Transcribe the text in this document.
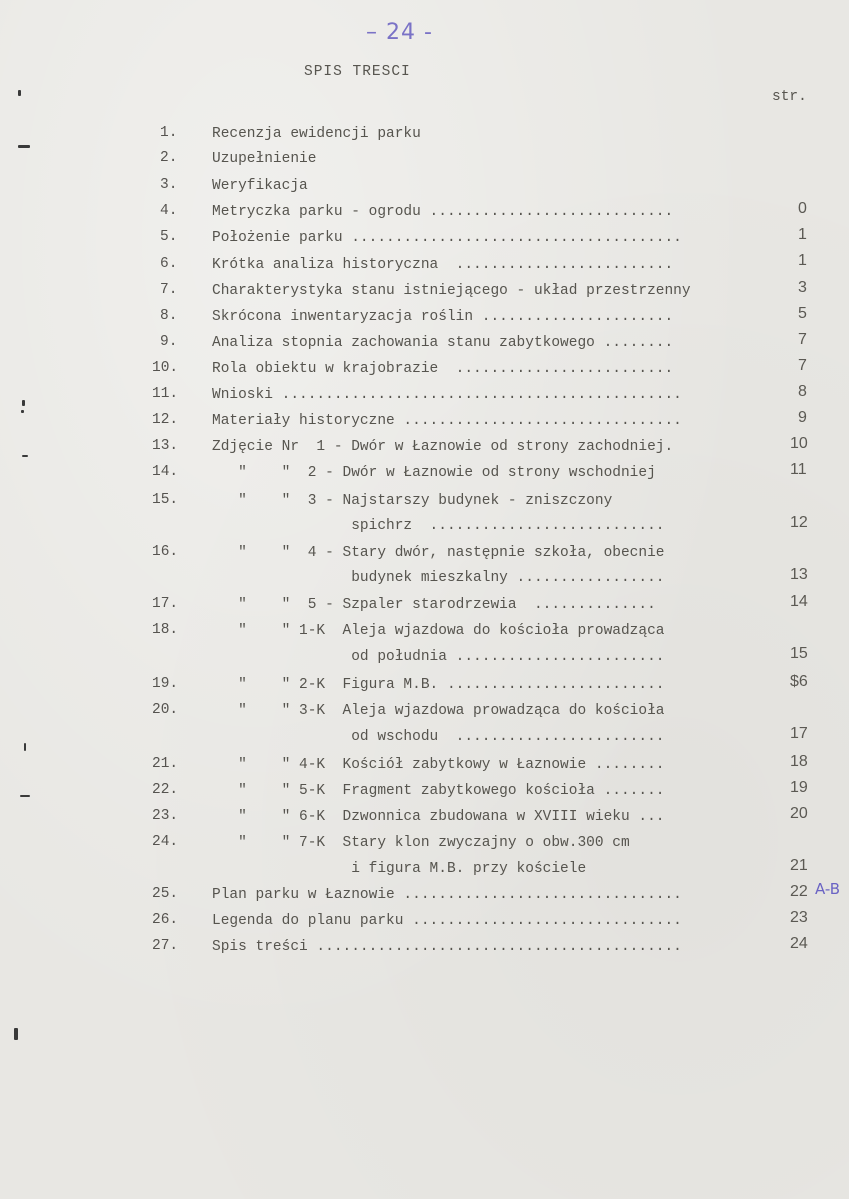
– 24 -
SPIS TRESCI
str.
1. Recenzja ewidencji parku
2. Uzupełnienie
3. Weryfikacja
4. Metryczka parku - ogrodu ............................	0
5. Położenie parku ......................................	1
6. Krótka analiza historyczna  .........................	1
7. Charakterystyka stanu istniejącego - układ przestrzenny	3
8. Skrócona inwentaryzacja roślin ......................	5
9. Analiza stopnia zachowania stanu zabytkowego ........	7
10. Rola obiektu w krajobrazie  .........................	7
11. Wnioski ..............................................	8
12. Materiały historyczne ................................	9
13. Zdjęcie Nr  1 - Dwór w Łaznowie od strony zachodniej.	10
14. "    "  2 - Dwór w Łaznowie od strony wschodniej	11
15. "    "  3 - Najstarszy budynek - zniszczony
spichrz  ...........................	12
16. "    "  4 - Stary dwór, następnie szkoła, obecnie
budynek mieszkalny .................	13
17. "    "  5 - Szpaler starodrzewia  ..............	14
18. "    " 1-K  Aleja wjazdowa do kościoła prowadząca
od południa ........................	15
19. "    " 2-K  Figura M.B. .........................	$6
20. "    " 3-K  Aleja wjazdowa prowadząca do kościoła
od wschodu  ........................	17
21. "    " 4-K  Kościół zabytkowy w Łaznowie ........	18
22. "    " 5-K  Fragment zabytkowego kościoła .......	19
23. "    " 6-K  Dzwonnica zbudowana w XVIII wieku ...	20
24. "    " 7-K  Stary klon zwyczajny o obw.300 cm
i figura M.B. przy kościele	21
25. Plan parku w Łaznowie ................................	22
26. Legenda do planu parku ...............................	23
27. Spis treści ..........................................	24
A-B
